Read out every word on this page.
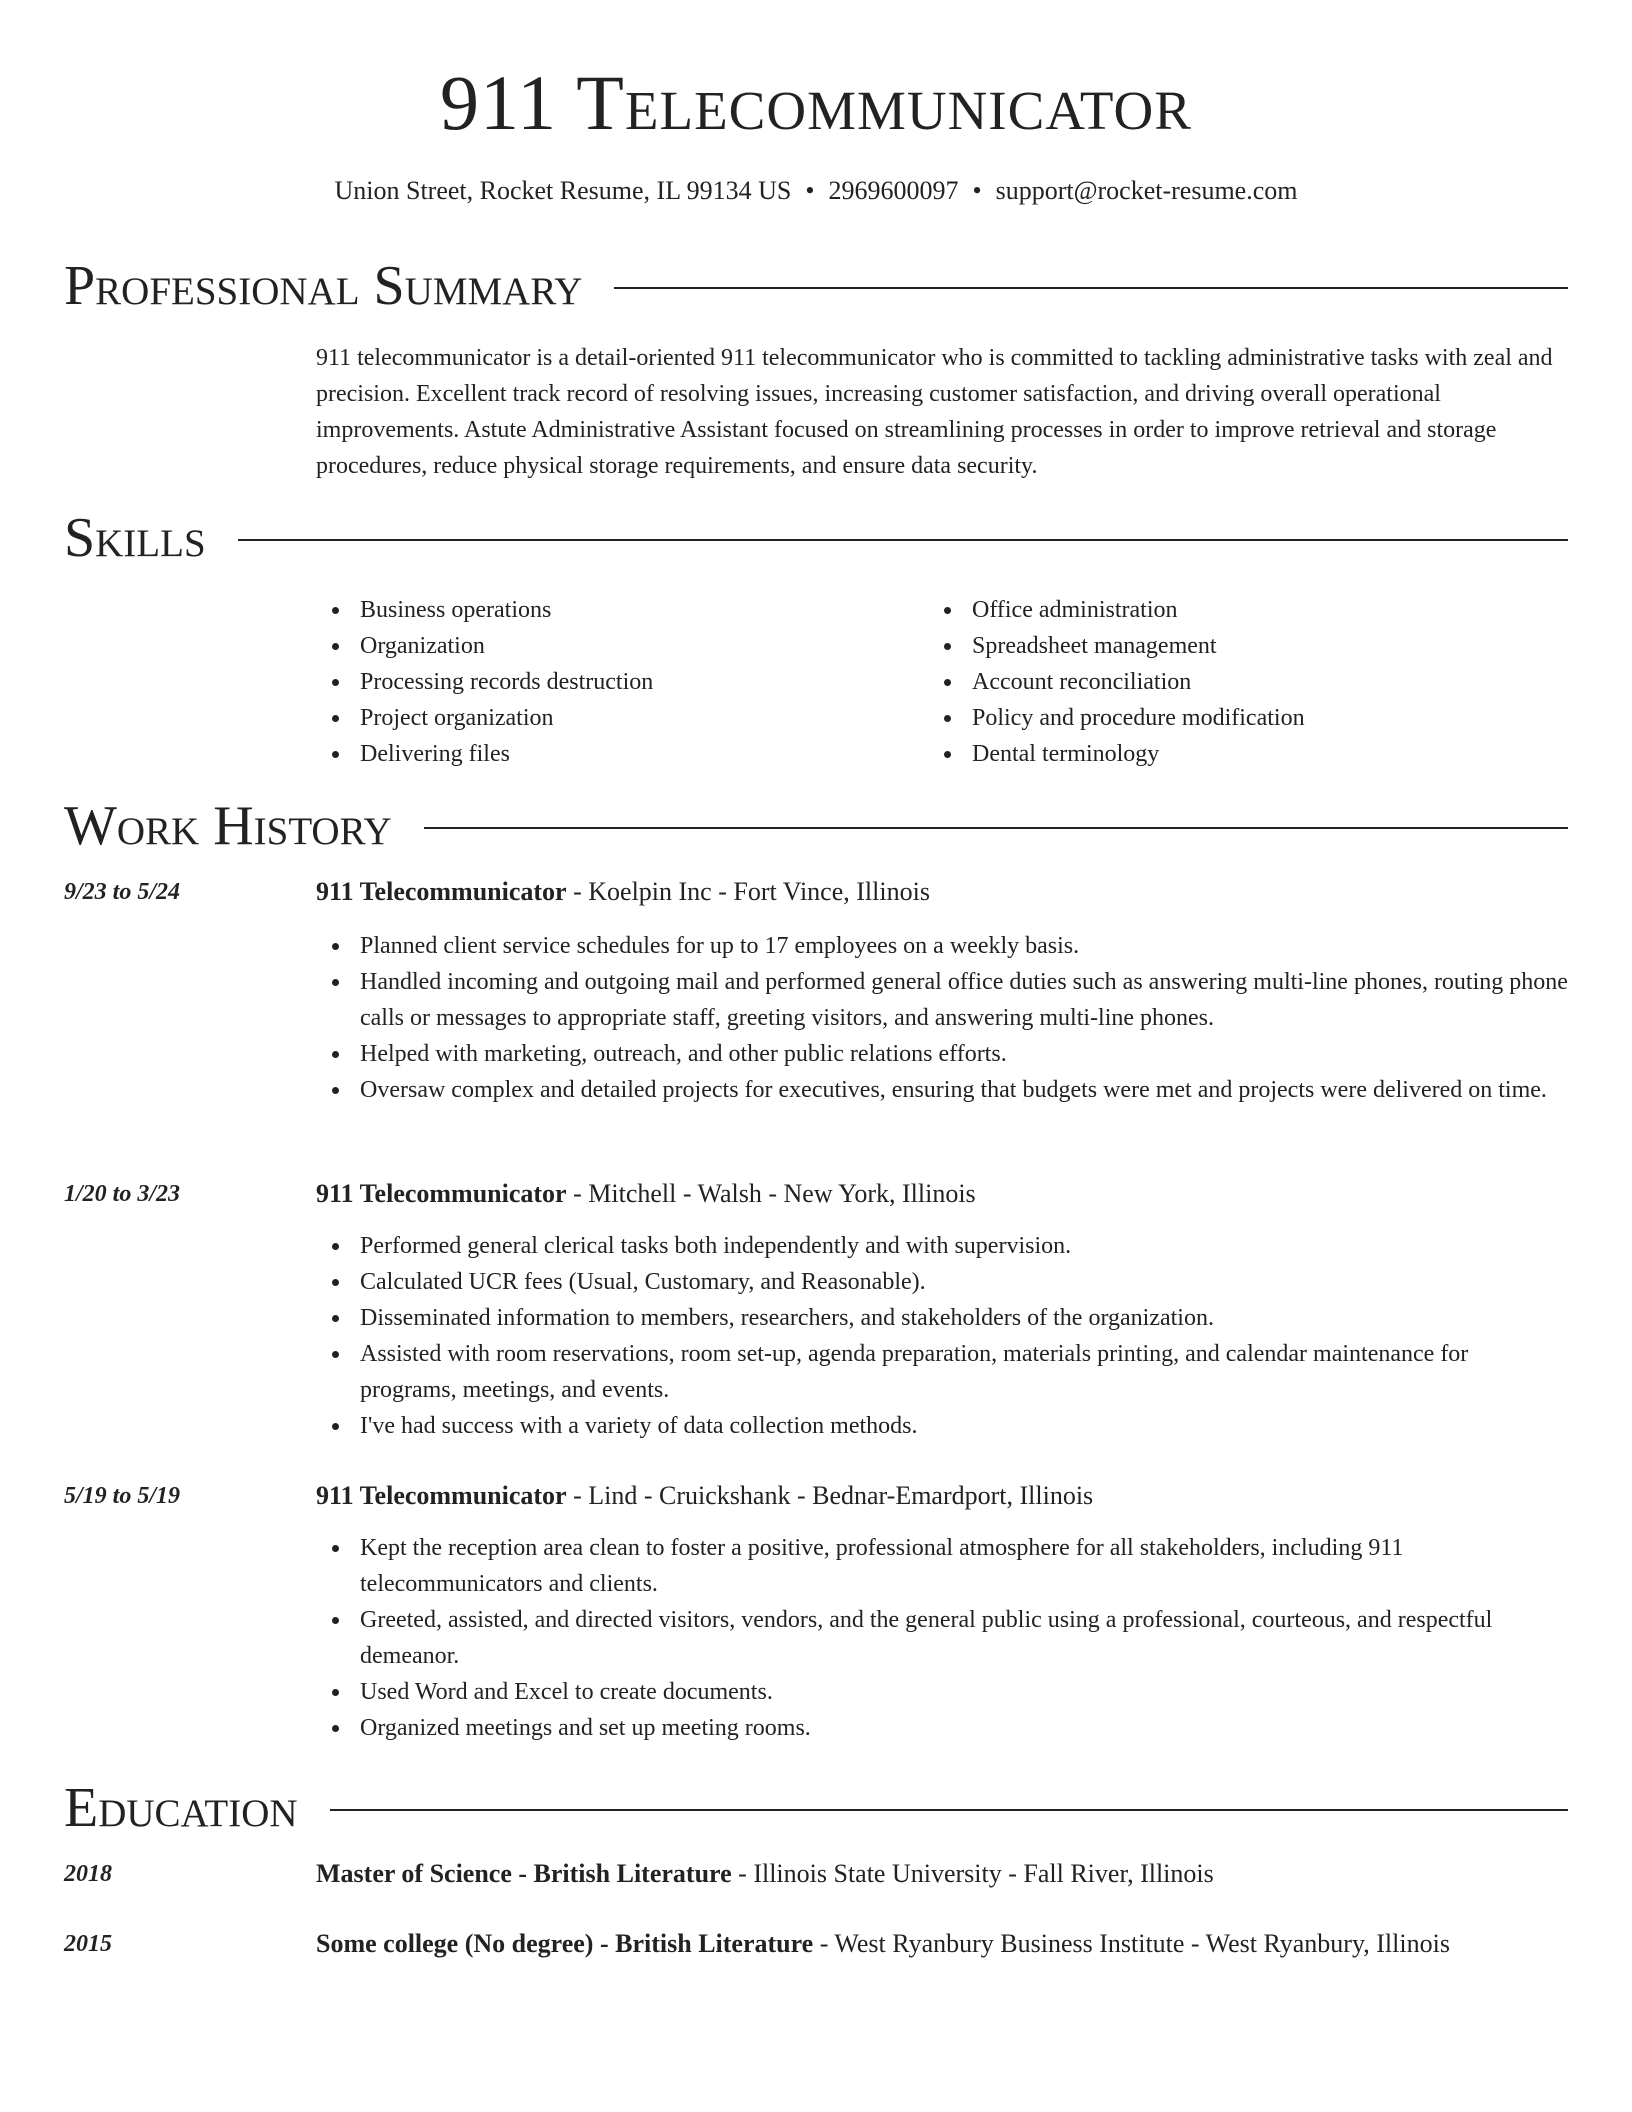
911 Telecommunicator
Union Street, Rocket Resume, IL 99134 US • 2969600097 • support@rocket-resume.com
Professional Summary
911 telecommunicator is a detail-oriented 911 telecommunicator who is committed to tackling administrative tasks with zeal and precision. Excellent track record of resolving issues, increasing customer satisfaction, and driving overall operational improvements. Astute Administrative Assistant focused on streamlining processes in order to improve retrieval and storage procedures, reduce physical storage requirements, and ensure data security.
Skills
Business operations
Organization
Processing records destruction
Project organization
Delivering files
Office administration
Spreadsheet management
Account reconciliation
Policy and procedure modification
Dental terminology
Work History
9/23 to 5/24	911 Telecommunicator - Koelpin Inc - Fort Vince, Illinois
Planned client service schedules for up to 17 employees on a weekly basis.
Handled incoming and outgoing mail and performed general office duties such as answering multi-line phones, routing phone calls or messages to appropriate staff, greeting visitors, and answering multi-line phones.
Helped with marketing, outreach, and other public relations efforts.
Oversaw complex and detailed projects for executives, ensuring that budgets were met and projects were delivered on time.
1/20 to 3/23	911 Telecommunicator - Mitchell - Walsh - New York, Illinois
Performed general clerical tasks both independently and with supervision.
Calculated UCR fees (Usual, Customary, and Reasonable).
Disseminated information to members, researchers, and stakeholders of the organization.
Assisted with room reservations, room set-up, agenda preparation, materials printing, and calendar maintenance for programs, meetings, and events.
I've had success with a variety of data collection methods.
5/19 to 5/19	911 Telecommunicator - Lind - Cruickshank - Bednar-Emardport, Illinois
Kept the reception area clean to foster a positive, professional atmosphere for all stakeholders, including 911 telecommunicators and clients.
Greeted, assisted, and directed visitors, vendors, and the general public using a professional, courteous, and respectful demeanor.
Used Word and Excel to create documents.
Organized meetings and set up meeting rooms.
Education
2018	Master of Science - British Literature - Illinois State University - Fall River, Illinois
2015	Some college (No degree) - British Literature - West Ryanbury Business Institute - West Ryanbury, Illinois
